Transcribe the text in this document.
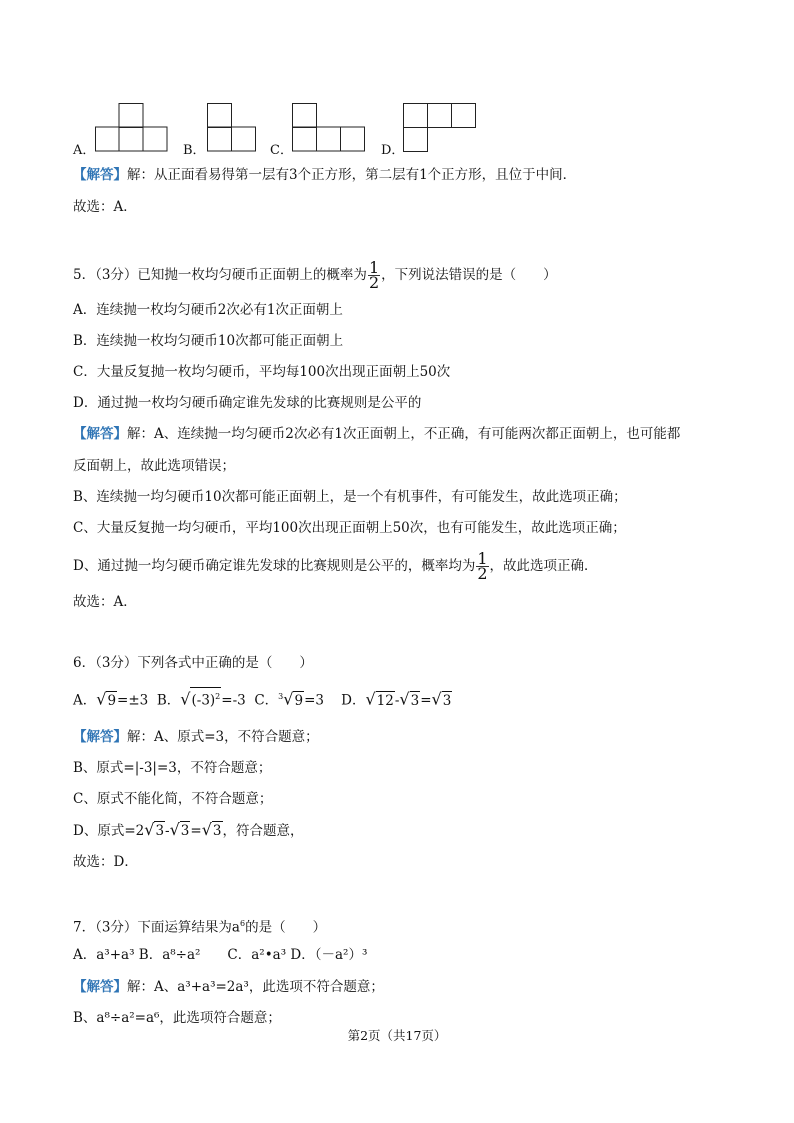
A．	B．	C．	D．
【解答】解：从正面看易得第一层有3个正方形，第二层有1个正方形，且位于中间．
故选：A．
5．（3分）已知抛一枚均匀硬币正面朝上的概率为 $\frac{1}{2}$ ，下列说法错误的是（　　）
A．连续抛一枚均匀硬币2次必有1次正面朝上
B．连续抛一枚均匀硬币10次都可能正面朝上
C．大量反复抛一枚均匀硬币，平均每100次出现正面朝上50次
D．通过抛一枚均匀硬币确定谁先发球的比赛规则是公平的
【解答】解：A、连续抛一均匀硬币2次必有1次正面朝上，不正确，有可能两次都正面朝上，也可能都
反面朝上，故此选项错误；
B、连续抛一均匀硬币10次都可能正面朝上，是一个有机事件，有可能发生，故此选项正确；
C、大量反复抛一均匀硬币，平均100次出现正面朝上50次，也有可能发生，故此选项正确；
D、通过抛一均匀硬币确定谁先发球的比赛规则是公平的，概率均为 $\frac{1}{2}$ ，故此选项正确．
故选：A．
6．（3分）下列各式中正确的是（　　）
A．√9=±3 B．$√(-3)^2=-3$ C．$^3$√9=3 D．√12-√3=√3
【解答】解：A、原式=3，不符合题意；
B、原式=|-3|=3，不符合题意；
C、原式不能化简，不符合题意；
D、原式=2√3-√3=√3，符合题意，
故选：D．
7．（3分）下面运算结果为$a^6$的是（　　）
A．a³+a³ B．a⁸÷a²　　C．a²•a³ D．（－a²）³
【解答】解：A、a³+a³=2a³，此选项不符合题意；
B、a⁸÷a²=a⁶，此选项符合题意；
第2页（共17页）
